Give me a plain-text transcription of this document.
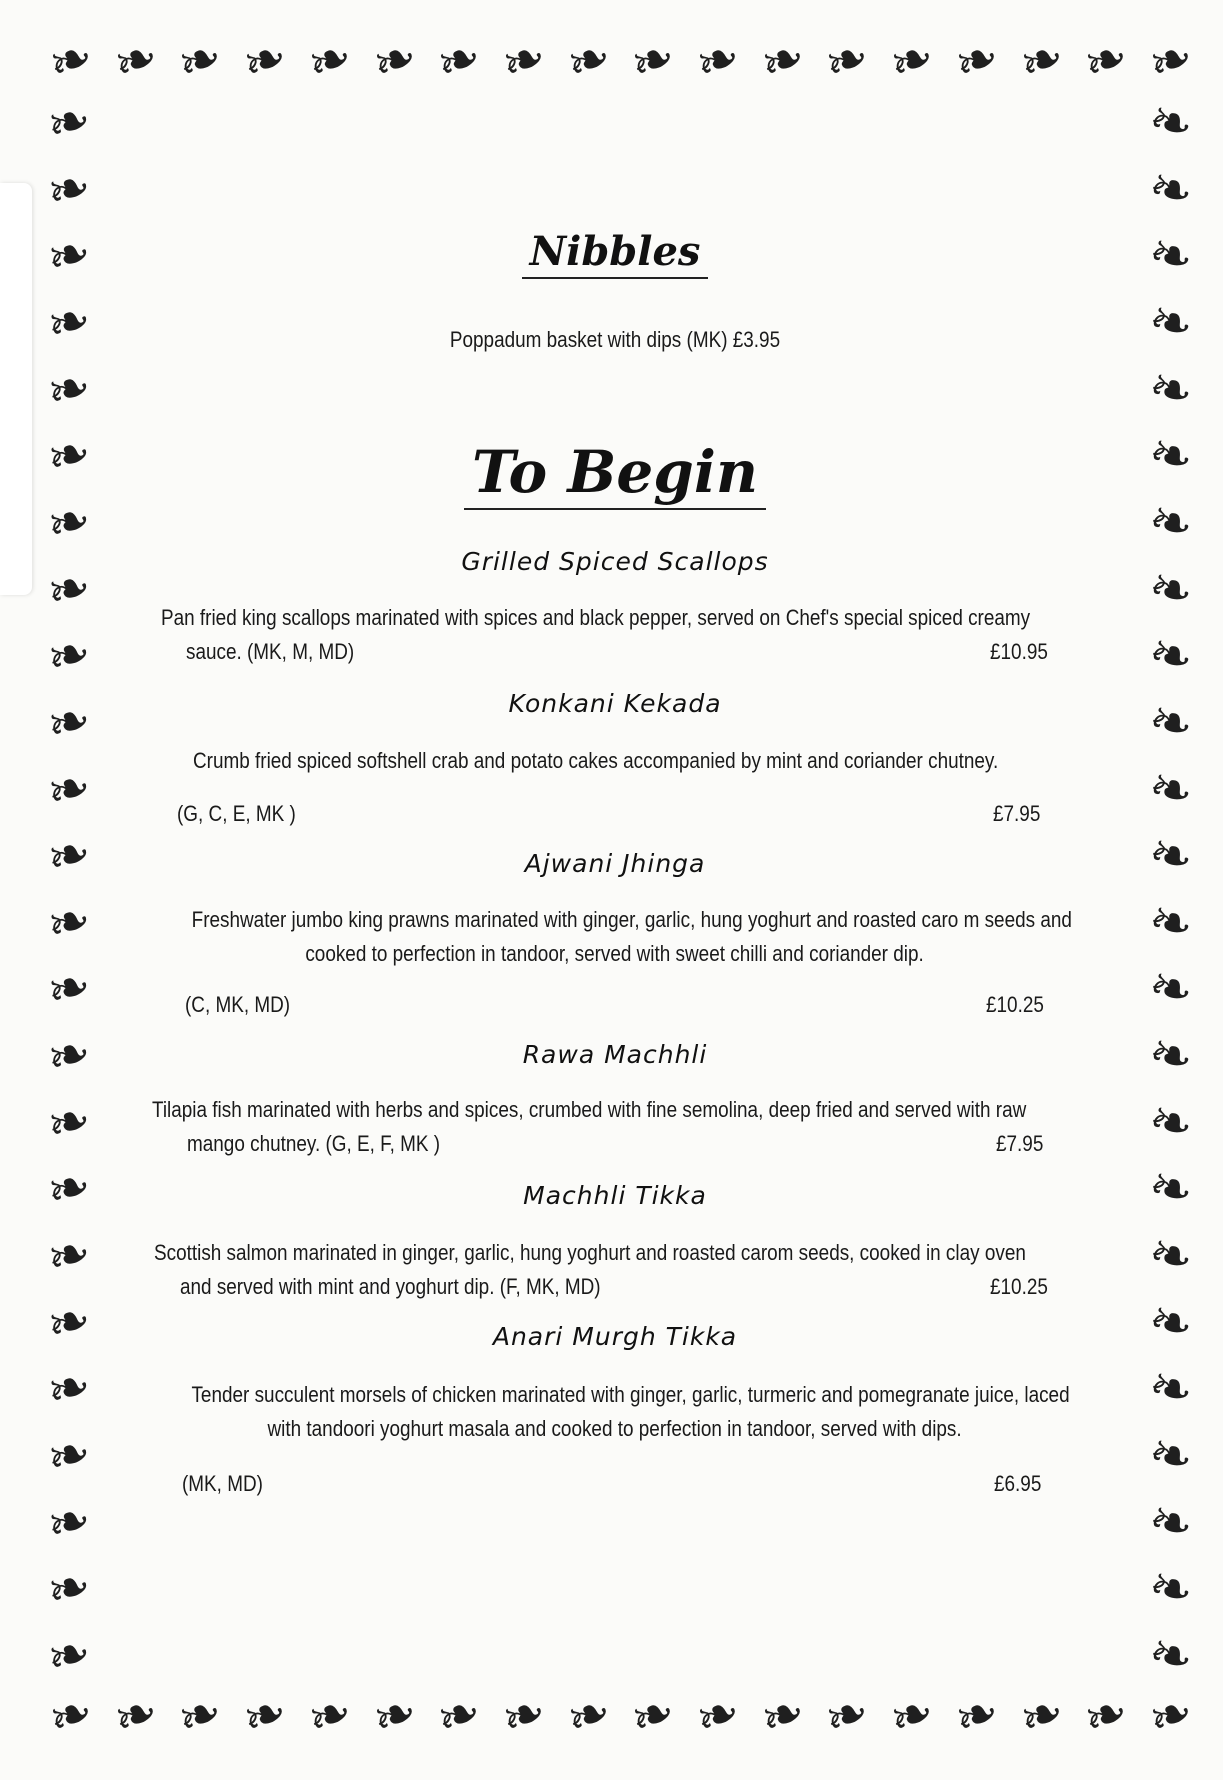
❧
❧
❧
❧
❧
❧
❧
❧
❧
❧
❧
❧
❧
❧
❧
❧
❧
❧
❧
❧
❧
❧
❧
❧
❧
❧
❧
❧
❧
❧
❧
❧
❧
❧
❧
❧
❧	❧
❧	❧
❧	❧
❧	❧
❧	❧
❧	❧
❧	❧
❧	❧
❧	❧
❧	❧
❧	❧
❧	❧
❧	❧
❧	❧
❧	❧
❧	❧
❧	❧
❧	❧
❧	❧
❧	❧
❧	❧
❧	❧
❧	❧
❧	❧
Nibbles
Poppadum basket with dips (MK) £3.95
To Begin
Grilled Spiced Scallops
Pan fried king scallops marinated with spices and black pepper, served on Chef's special spiced creamy
sauce. (MK, M, MD)	£10.95
Konkani Kekada
Crumb fried spiced softshell crab and potato cakes accompanied by mint and coriander chutney.
(G, C, E, MK )	£7.95
Ajwani Jhinga
Freshwater jumbo king prawns marinated with ginger, garlic, hung yoghurt and roasted caro m seeds and
cooked to perfection in tandoor, served with sweet chilli and coriander dip.
(C, MK, MD)	£10.25
Rawa Machhli
Tilapia fish marinated with herbs and spices, crumbed with fine semolina, deep fried and served with raw
mango chutney. (G, E, F, MK )	£7.95
Machhli Tikka
Scottish salmon marinated in ginger, garlic, hung yoghurt and roasted carom seeds, cooked in clay oven
and served with mint and yoghurt dip. (F, MK, MD)	£10.25
Anari Murgh Tikka
Tender succulent morsels of chicken marinated with ginger, garlic, turmeric and pomegranate juice, laced
with tandoori yoghurt masala and cooked to perfection in tandoor, served with dips.
(MK, MD)	£6.95
